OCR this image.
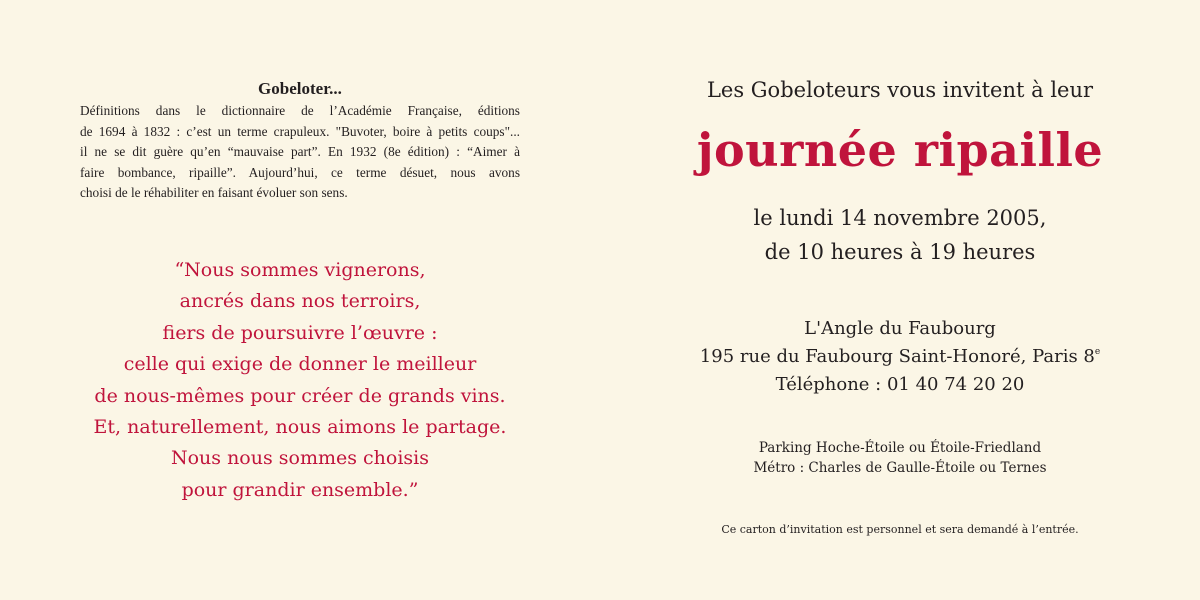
Gobeloter...
Définitions dans le dictionnaire de l’Académie Française, éditions
de 1694 à 1832 : c’est un terme crapuleux. "Buvoter, boire à petits coups"...
il ne se dit guère qu’en “mauvaise part”. En 1932 (8e édition) : “Aimer à
faire bombance, ripaille”. Aujourd’hui, ce terme désuet, nous avons
choisi de le réhabiliter en faisant évoluer son sens.
“Nous sommes vignerons,
ancrés dans nos terroirs,
fiers de poursuivre l’œuvre :
celle qui exige de donner le meilleur
de nous-mêmes pour créer de grands vins.
Et, naturellement, nous aimons le partage.
Nous nous sommes choisis
pour grandir ensemble.”

Les Gobeloteurs vous invitent à leur

journée ripaille

le lundi 14 novembre 2005,

de 10 heures à 19 heures

L'Angle du Faubourg

195 rue du Faubourg Saint-Honoré, Paris 8e

Téléphone : 01 40 74 20 20

Parking Hoche-Étoile ou Étoile-Friedland

Métro : Charles de Gaulle-Étoile ou Ternes

Ce carton d’invitation est personnel et sera demandé à l’entrée.
